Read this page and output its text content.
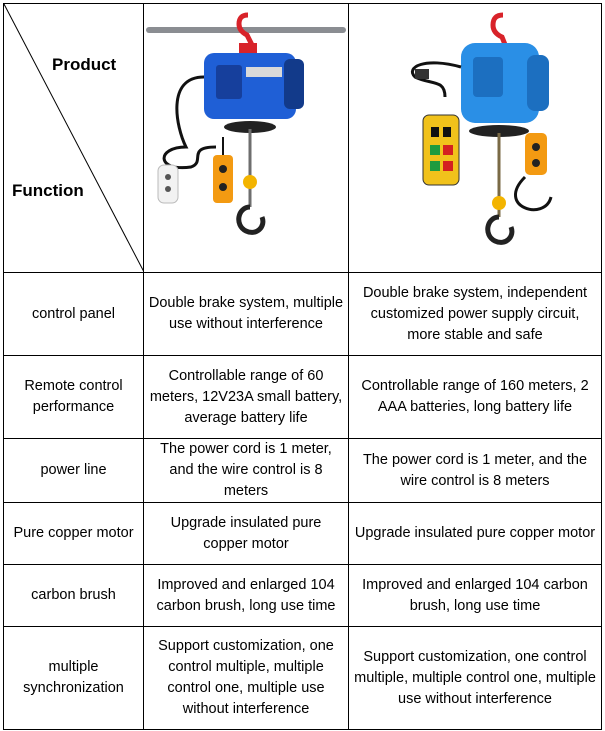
Product
Function

control panel	Double brake system, multiple use without interference	Double brake system, independent customized power supply circuit, more stable and safe
Remote control performance	Controllable range of 60 meters, 12V23A small battery, average battery life	Controllable range of 160 meters, 2 AAA batteries, long battery life
power line	The power cord is 1 meter, and the wire control is 8 meters	The power cord is 1 meter, and the wire control is 8 meters
Pure copper motor	Upgrade insulated pure copper motor	Upgrade insulated pure copper motor
carbon brush	Improved and enlarged 104 carbon brush, long use time	Improved and enlarged 104 carbon brush, long use time
multiple synchronization	Support customization, one control multiple, multiple control one, multiple use without interference	Support customization, one control multiple, multiple control one, multiple use without interference
